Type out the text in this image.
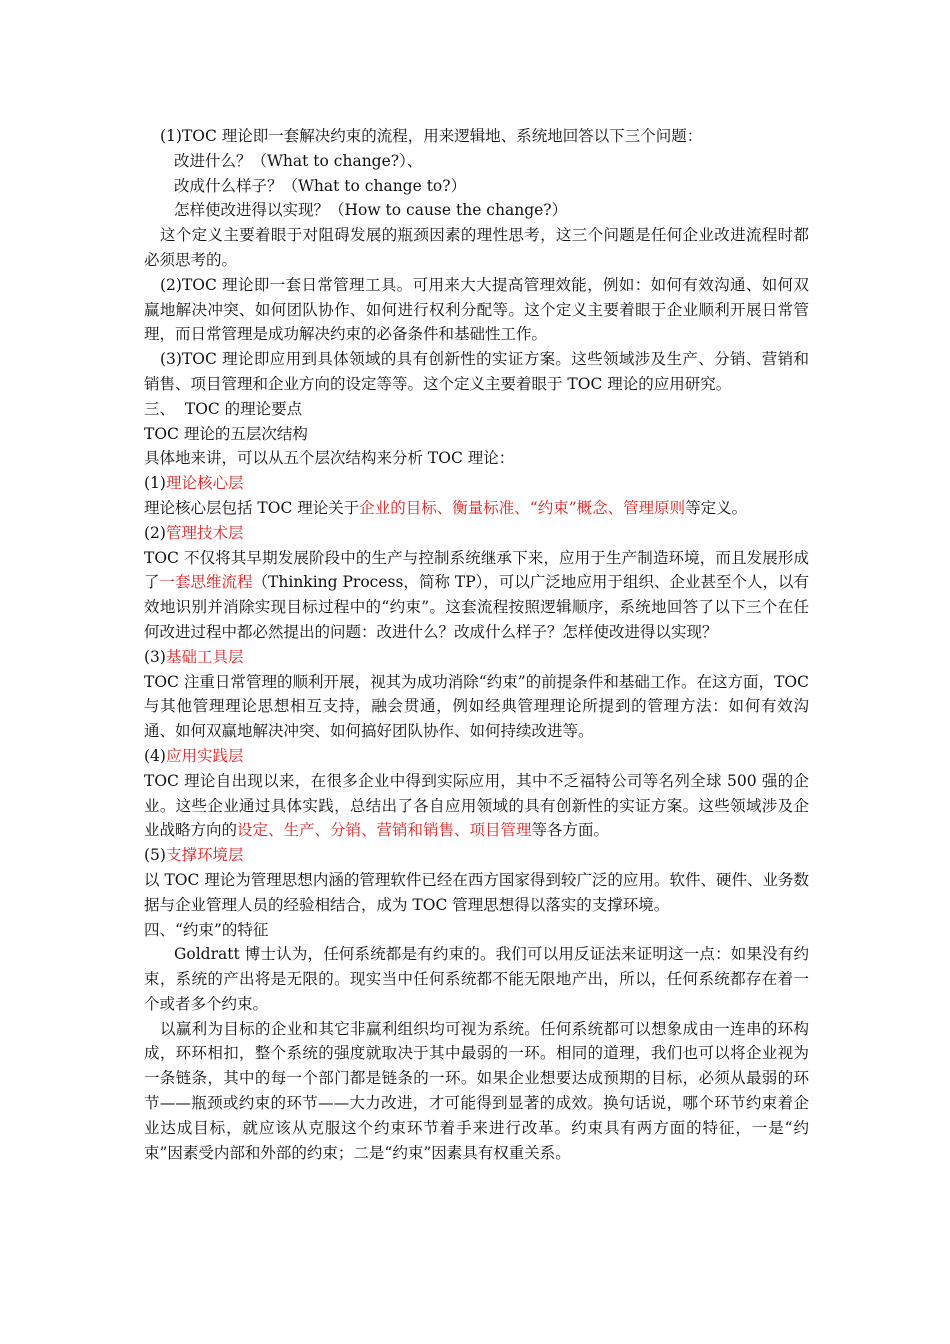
(1)TOC 理论即一套解决约束的流程，用来逻辑地、系统地回答以下三个问题：

改进什么？（What to change?）、

改成什么样子？（What to change to?）

怎样使改进得以实现？（How to cause the change?）

这个定义主要着眼于对阻碍发展的瓶颈因素的理性思考，这三个问题是任何企业改进流程时都必须思考的。

(2)TOC 理论即一套日常管理工具。可用来大大提高管理效能，例如：如何有效沟通、如何双赢地解决冲突、如何团队协作、如何进行权利分配等。这个定义主要着眼于企业顺利开展日常管理，而日常管理是成功解决约束的必备条件和基础性工作。

(3)TOC 理论即应用到具体领域的具有创新性的实证方案。这些领域涉及生产、分销、营销和销售、项目管理和企业方向的设定等等。这个定义主要着眼于 TOC 理论的应用研究。

三、  TOC 的理论要点

TOC 理论的五层次结构

具体地来讲，可以从五个层次结构来分析 TOC 理论：

(1)理论核心层

理论核心层包括 TOC 理论关于企业的目标、衡量标准、“约束”概念、管理原则等定义。

(2)管理技术层

TOC 不仅将其早期发展阶段中的生产与控制系统继承下来，应用于生产制造环境，而且发展形成了一套思维流程（Thinking Process，简称 TP），可以广泛地应用于组织、企业甚至个人，以有效地识别并消除实现目标过程中的“约束”。这套流程按照逻辑顺序，系统地回答了以下三个在任何改进过程中都必然提出的问题：改进什么？改成什么样子？怎样使改进得以实现？

(3)基础工具层

TOC 注重日常管理的顺利开展，视其为成功消除“约束”的前提条件和基础工作。在这方面，TOC 与其他管理理论思想相互支持，融会贯通，例如经典管理理论所提到的管理方法：如何有效沟通、如何双赢地解决冲突、如何搞好团队协作、如何持续改进等。

(4)应用实践层

TOC 理论自出现以来，在很多企业中得到实际应用，其中不乏福特公司等名列全球 500 强的企业。这些企业通过具体实践，总结出了各自应用领域的具有创新性的实证方案。这些领域涉及企业战略方向的设定、生产、分销、营销和销售、项目管理等各方面。

(5)支撑环境层

以 TOC 理论为管理思想内涵的管理软件已经在西方国家得到较广泛的应用。软件、硬件、业务数据与企业管理人员的经验相结合，成为 TOC 管理思想得以落实的支撑环境。

四、“约束”的特征

Goldratt 博士认为，任何系统都是有约束的。我们可以用反证法来证明这一点：如果没有约束，系统的产出将是无限的。现实当中任何系统都不能无限地产出，所以，任何系统都存在着一个或者多个约束。

以赢利为目标的企业和其它非赢利组织均可视为系统。任何系统都可以想象成由一连串的环构成，环环相扣，整个系统的强度就取决于其中最弱的一环。相同的道理，我们也可以将企业视为一条链条，其中的每一个部门都是链条的一环。如果企业想要达成预期的目标，必须从最弱的环节——瓶颈或约束的环节——大力改进，才可能得到显著的成效。换句话说，哪个环节约束着企业达成目标，就应该从克服这个约束环节着手来进行改革。约束具有两方面的特征，一是“约束”因素受内部和外部的约束；二是“约束”因素具有权重关系。
